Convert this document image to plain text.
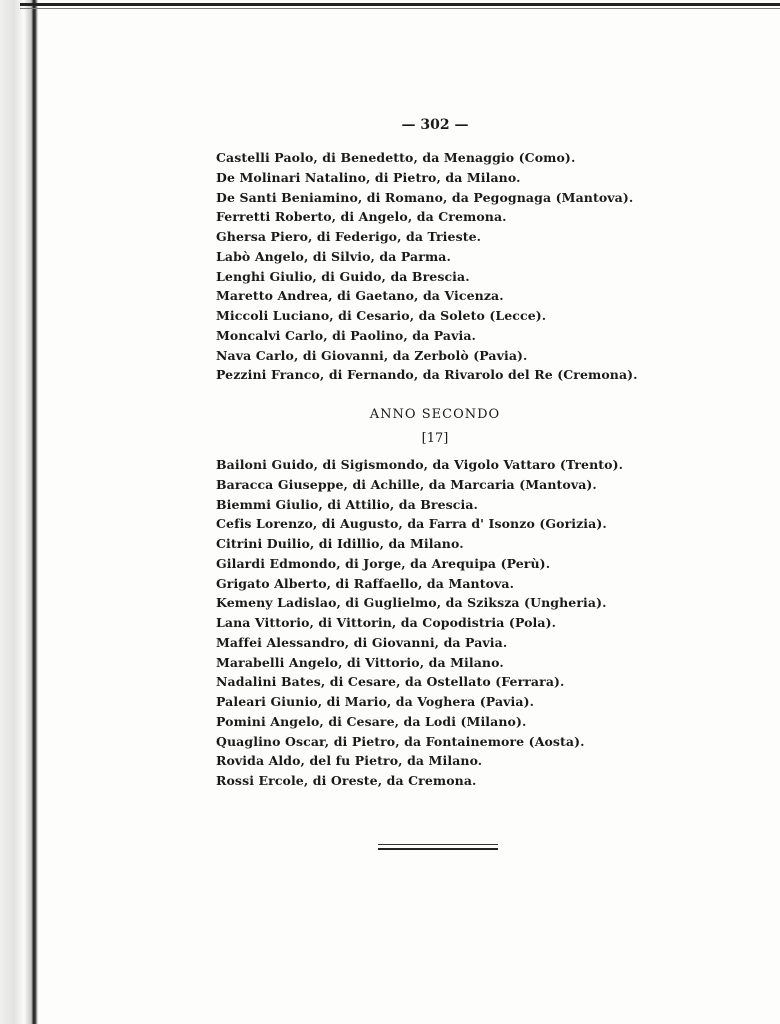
— 302 —
Castelli Paolo, di Benedetto, da Menaggio (Como).
De Molinari Natalino, di Pietro, da Milano.
De Santi Beniamino, di Romano, da Pegognaga (Mantova).
Ferretti Roberto, di Angelo, da Cremona.
Ghersa Piero, di Federigo, da Trieste.
Labò Angelo, di Silvio, da Parma.
Lenghi Giulio, di Guido, da Brescia.
Maretto Andrea, di Gaetano, da Vicenza.
Miccoli Luciano, di Cesario, da Soleto (Lecce).
Moncalvi Carlo, di Paolino, da Pavia.
Nava Carlo, di Giovanni, da Zerbolò (Pavia).
Pezzini Franco, di Fernando, da Rivarolo del Re (Cremona).
ANNO SECONDO
[17]
Bailoni Guido, di Sigismondo, da Vigolo Vattaro (Trento).
Baracca Giuseppe, di Achille, da Marcaria (Mantova).
Biemmi Giulio, di Attilio, da Brescia.
Cefis Lorenzo, di Augusto, da Farra d' Isonzo (Gorizia).
Citrini Duilio, di Idillio, da Milano.
Gilardi Edmondo, di Jorge, da Arequipa (Perù).
Grigato Alberto, di Raffaello, da Mantova.
Kemeny Ladislao, di Guglielmo, da Sziksza (Ungheria).
Lana Vittorio, di Vittorin, da Copodistria (Pola).
Maffei Alessandro, di Giovanni, da Pavia.
Marabelli Angelo, di Vittorio, da Milano.
Nadalini Bates, di Cesare, da Ostellato (Ferrara).
Paleari Giunio, di Mario, da Voghera (Pavia).
Pomini Angelo, di Cesare, da Lodi (Milano).
Quaglino Oscar, di Pietro, da Fontainemore (Aosta).
Rovida Aldo, del fu Pietro, da Milano.
Rossi Ercole, di Oreste, da Cremona.
